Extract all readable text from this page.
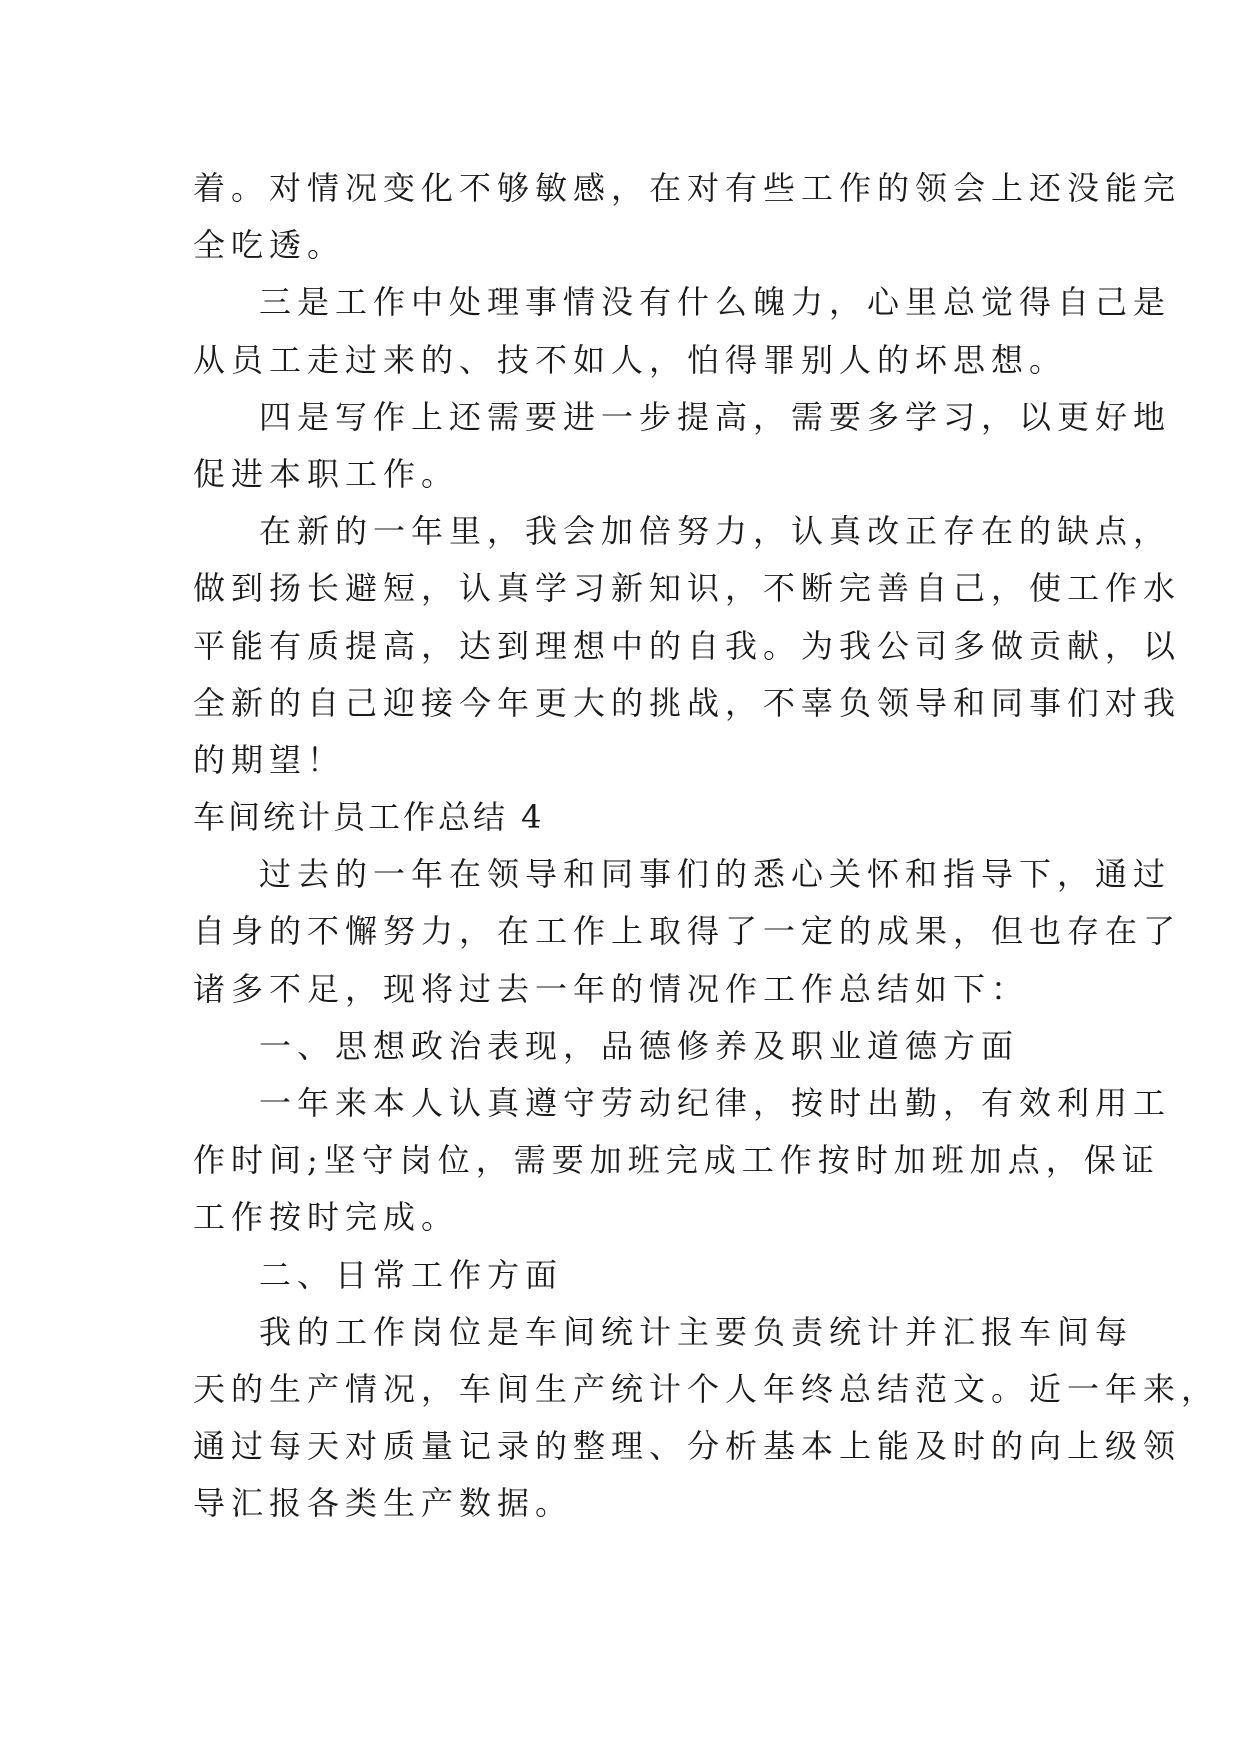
着。对情况变化不够敏感，在对有些工作的领会上还没能完
全吃透。
三是工作中处理事情没有什么魄力，心里总觉得自己是
从员工走过来的、技不如人，怕得罪别人的坏思想。
四是写作上还需要进一步提高，需要多学习，以更好地
促进本职工作。
在新的一年里，我会加倍努力，认真改正存在的缺点，
做到扬长避短，认真学习新知识，不断完善自己，使工作水
平能有质提高，达到理想中的自我。为我公司多做贡献，以
全新的自己迎接今年更大的挑战，不辜负领导和同事们对我
的期望！
车间统计员工作总结 4
过去的一年在领导和同事们的悉心关怀和指导下，通过
自身的不懈努力，在工作上取得了一定的成果，但也存在了
诸多不足，现将过去一年的情况作工作总结如下：
一、思想政治表现，品德修养及职业道德方面
一年来本人认真遵守劳动纪律，按时出勤，有效利用工
作时间;坚守岗位，需要加班完成工作按时加班加点，保证
工作按时完成。
二、日常工作方面
我的工作岗位是车间统计主要负责统计并汇报车间每
天的生产情况，车间生产统计个人年终总结范文。近一年来，
通过每天对质量记录的整理、分析基本上能及时的向上级领
导汇报各类生产数据。
